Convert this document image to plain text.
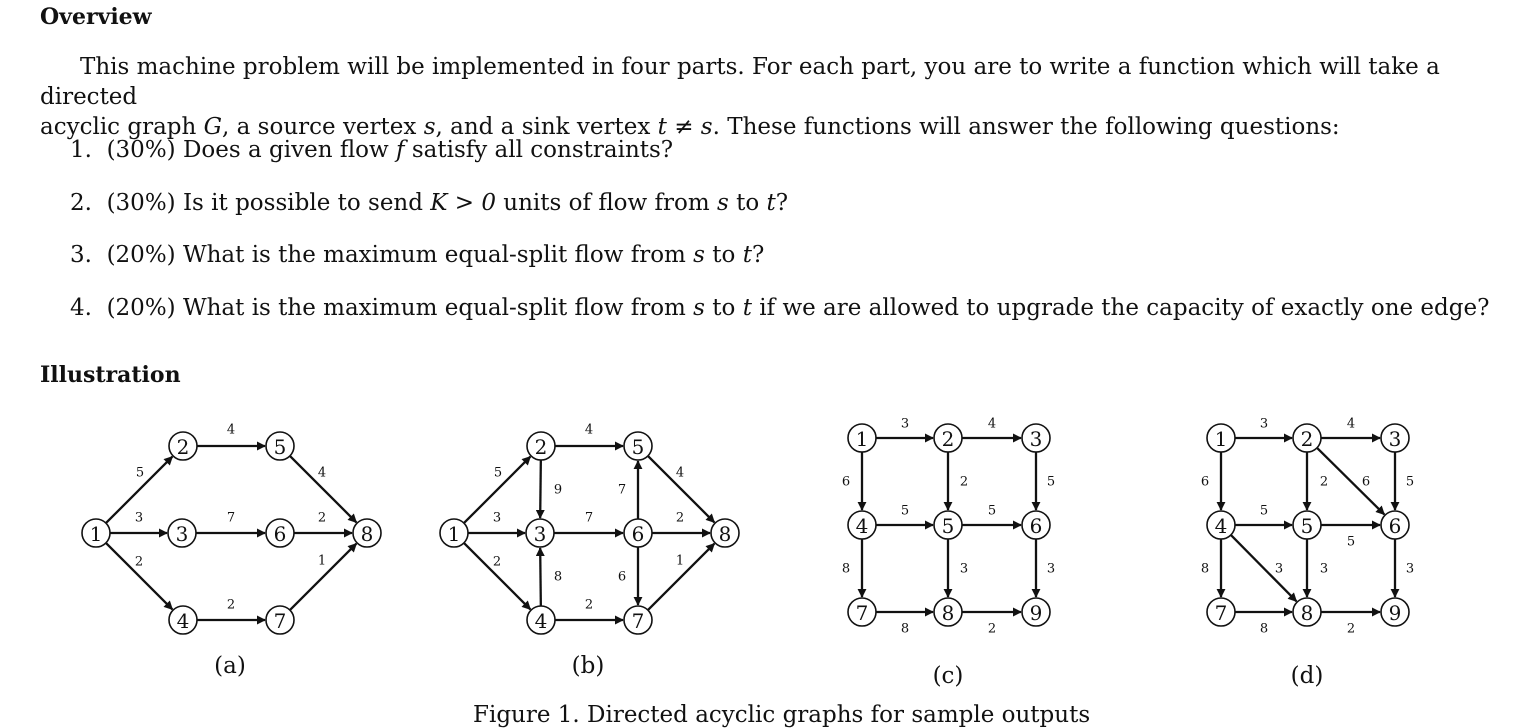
Overview

This machine problem will be implemented in four parts. For each part, you are to write a function which will take a directed
acyclic graph G, a source vertex s, and a sink vertex t ≠ s. These functions will answer the following questions:

1. (30%) Does a given flow f satisfy all constraints?
2. (30%) Is it possible to send K > 0 units of flow from s to t?
3. (20%) What is the maximum equal-split flow from s to t?
4. (20%) What is the maximum equal-split flow from s to t if we are allowed to upgrade the capacity of exactly one edge?
Illustration
5
3
2
4
7
2
4
2
1
1
2
3
4
5
6
7
8
(a)
5
3
2
4
9
8
7
7
6
2
4
2
1
1
2
3
4
5
6
7
8
(b)
3	4
6	2	5
5	5
8	3	3
8	2
1	2	3
4	5	6
7	8	9
(c)
3	4
6	2	5
6
5
5
8	3	3	3
8	2
1	2	3
4	5	6
7	8	9
(d)
Figure 1. Directed acyclic graphs for sample outputs
